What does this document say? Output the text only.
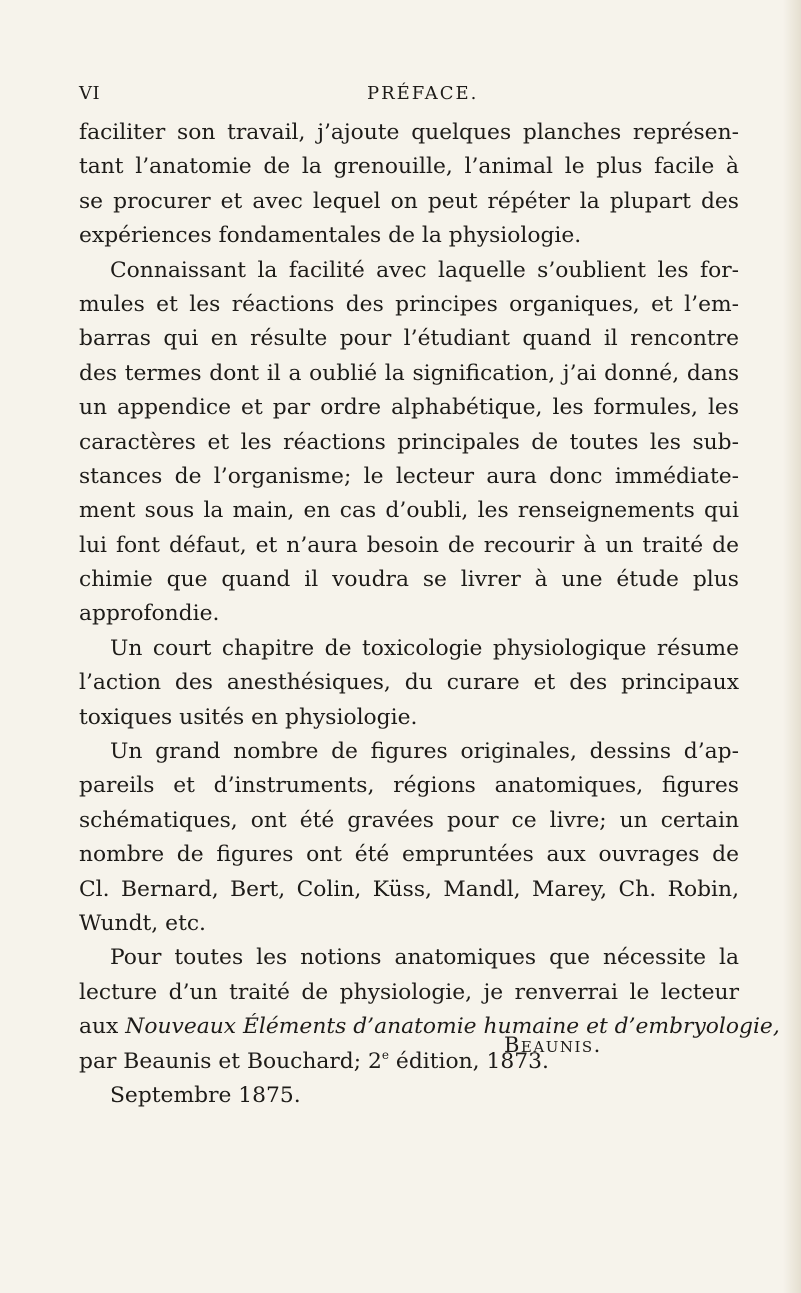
VI	PRÉFACE.
faciliter son travail, j’ajoute quelques planches représen-
tant l’anatomie de la grenouille, l’animal le plus facile à
se procurer et avec lequel on peut répéter la plupart des
expériences fondamentales de la physiologie.
Connaissant la facilité avec laquelle s’oublient les for-
mules et les réactions des principes organiques, et l’em-
barras qui en résulte pour l’étudiant quand il rencontre
des termes dont il a oublié la signification, j’ai donné, dans
un appendice et par ordre alphabétique, les formules, les
caractères et les réactions principales de toutes les sub-
stances de l’organisme; le lecteur aura donc immédiate-
ment sous la main, en cas d’oubli, les renseignements qui
lui font défaut, et n’aura besoin de recourir à un traité de
chimie que quand il voudra se livrer à une étude plus
approfondie.
Un court chapitre de toxicologie physiologique résume
l’action des anesthésiques, du curare et des principaux
toxiques usités en physiologie.
Un grand nombre de figures originales, dessins d’ap-
pareils et d’instruments, régions anatomiques, figures
schématiques, ont été gravées pour ce livre; un certain
nombre de figures ont été empruntées aux ouvrages de
Cl. Bernard, Bert, Colin, Küss, Mandl, Marey, Ch. Robin,
Wundt, etc.
Pour toutes les notions anatomiques que nécessite la
lecture d’un traité de physiologie, je renverrai le lecteur
aux Nouveaux Éléments d’anatomie humaine et d’embryologie,
par Beaunis et Bouchard; 2e édition, 1873.
Septembre 1875.
Beaunis.
